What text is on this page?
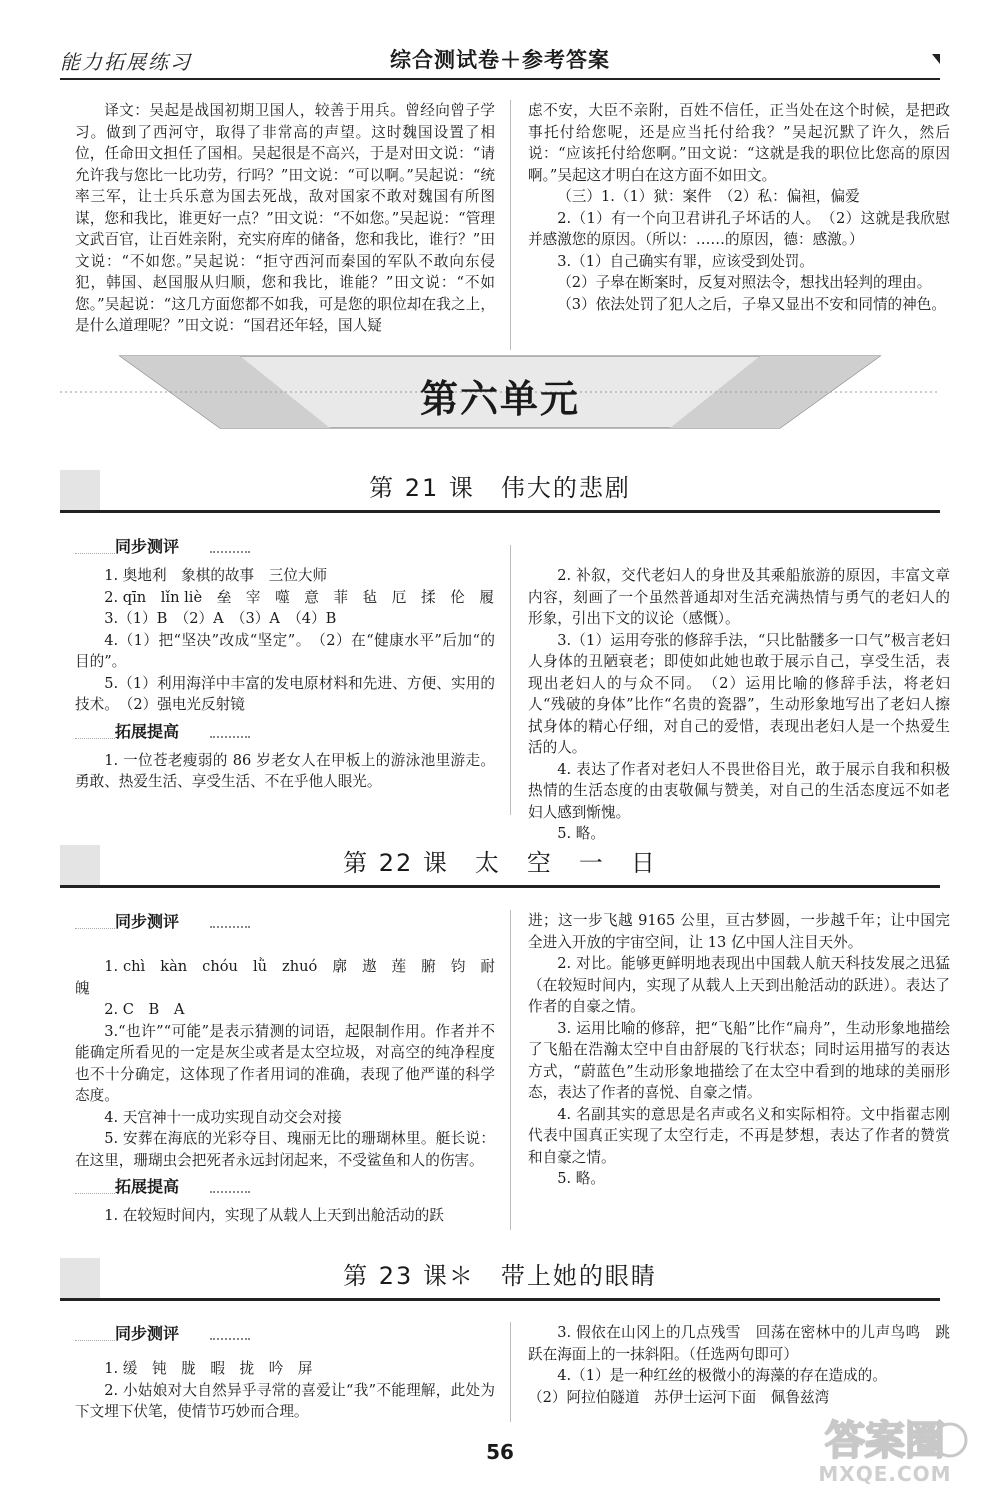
能力拓展练习	综合测试卷＋参考答案

译文：吴起是战国初期卫国人，较善于用兵。曾经向曾子学习。做到了西河守，取得了非常高的声望。这时魏国设置了相位，任命田文担任了国相。吴起很是不高兴，于是对田文说：“请允许我与您比一比功劳，行吗？”田文说：“可以啊。”吴起说：“统率三军，让士兵乐意为国去死战，敌对国家不敢对魏国有所图谋，您和我比，谁更好一点？”田文说：“不如您。”吴起说：“管理文武百官，让百姓亲附，充实府库的储备，您和我比，谁行？”田文说：“不如您。”吴起说：“拒守西河而秦国的军队不敢向东侵犯，韩国、赵国服从归顺，您和我比，谁能？”田文说：“不如您。”吴起说：“这几方面您都不如我，可是您的职位却在我之上，是什么道理呢？”田文说：“国君还年轻，国人疑

虑不安，大臣不亲附，百姓不信任，正当处在这个时候，是把政事托付给您呢，还是应当托付给我？”吴起沉默了许久，然后说：“应该托付给您啊。”田文说：“这就是我的职位比您高的原因啊。”吴起这才明白在这方面不如田文。

（三）1.（1）狱：案件　（2）私：偏袒，偏爱

2.（1）有一个向卫君讲孔子坏话的人。　（2）这就是我欣慰并感激您的原因。（所以：……的原因，德：感激。）

3.（1）自己确实有罪，应该受到处罚。

（2）子皋在断案时，反复对照法令，想找出轻判的理由。

（3）依法处罚了犯人之后，子皋又显出不安和同情的神色。

第六单元
第 21 课　伟大的悲剧
同步测评

1. 奥地利　象棋的故事　三位大师

2. qīn　lǐn liè　垒　宰　噬　意　菲　毡　厄　揉　伦　履

3.（1）B　（2）A　（3）A　（4）B

4.（1）把“坚决”改成“坚定”。　（2）在“健康水平”后加“的目的”。

5.（1）利用海洋中丰富的发电原材料和先进、方便、实用的技术。　（2）强电光反射镜

拓展提高

1. 一位苍老瘦弱的 86 岁老女人在甲板上的游泳池里游走。勇敢、热爱生活、享受生活、不在乎他人眼光。

2. 补叙，交代老妇人的身世及其乘船旅游的原因，丰富文章内容，刻画了一个虽然普通却对生活充满热情与勇气的老妇人的形象，引出下文的议论（感慨）。

3.（1）运用夸张的修辞手法，“只比骷髅多一口气”极言老妇人身体的丑陋衰老；即使如此她也敢于展示自己，享受生活，表现出老妇人的与众不同。　（2）运用比喻的修辞手法，将老妇人“残破的身体”比作“名贵的瓷器”，生动形象地写出了老妇人擦拭身体的精心仔细，对自己的爱惜，表现出老妇人是一个热爱生活的人。

4. 表达了作者对老妇人不畏世俗目光，敢于展示自我和积极热情的生活态度的由衷敬佩与赞美，对自己的生活态度远不如老妇人感到惭愧。

5. 略。

第 22 课　太　空　一　日
同步测评

1. chì　kàn　chóu　lǜ　zhuó　廓　遨　莲　腑　钧　耐　魄

2. C　B　A

3.“也许”“可能”是表示猜测的词语，起限制作用。作者并不能确定所看见的一定是灰尘或者是太空垃圾，对高空的纯净程度也不十分确定，这体现了作者用词的准确，表现了他严谨的科学态度。

4. 天宫神十一成功实现自动交会对接

5. 安葬在海底的光彩夺目、瑰丽无比的珊瑚林里。艇长说：在这里，珊瑚虫会把死者永远封闭起来，不受鲨鱼和人的伤害。

拓展提高

1. 在较短时间内，实现了从载人上天到出舱活动的跃

进；这一步飞越 9165 公里，亘古梦圆，一步越千年；让中国完全进入开放的宇宙空间，让 13 亿中国人注目天外。

2. 对比。能够更鲜明地表现出中国载人航天科技发展之迅猛（在较短时间内，实现了从载人上天到出舱活动的跃进）。表达了作者的自豪之情。

3. 运用比喻的修辞，把“飞船”比作“扁舟”，生动形象地描绘了飞船在浩瀚太空中自由舒展的飞行状态；同时运用描写的表达方式，“蔚蓝色”生动形象地描绘了在太空中看到的地球的美丽形态，表达了作者的喜悦、自豪之情。

4. 名副其实的意思是名声或名义和实际相符。文中指翟志刚代表中国真正实现了太空行走，不再是梦想，表达了作者的赞赏和自豪之情。

5. 略。

第 23 课＊　带上她的眼睛
同步测评

1. 缓　钝　胧　暇　拢　吟　屏

2. 小姑娘对大自然异乎寻常的喜爱让“我”不能理解，此处为下文埋下伏笔，使情节巧妙而合理。

3. 假依在山冈上的几点残雪　回荡在密林中的儿声鸟鸣　跳跃在海面上的一抹斜阳。（任选两句即可）

4.（1）是一种红丝的极微小的海藻的存在造成的。

（2）阿拉伯隧道　苏伊士运河下面　佩鲁兹湾

56	答案圈
MXQE.COM
